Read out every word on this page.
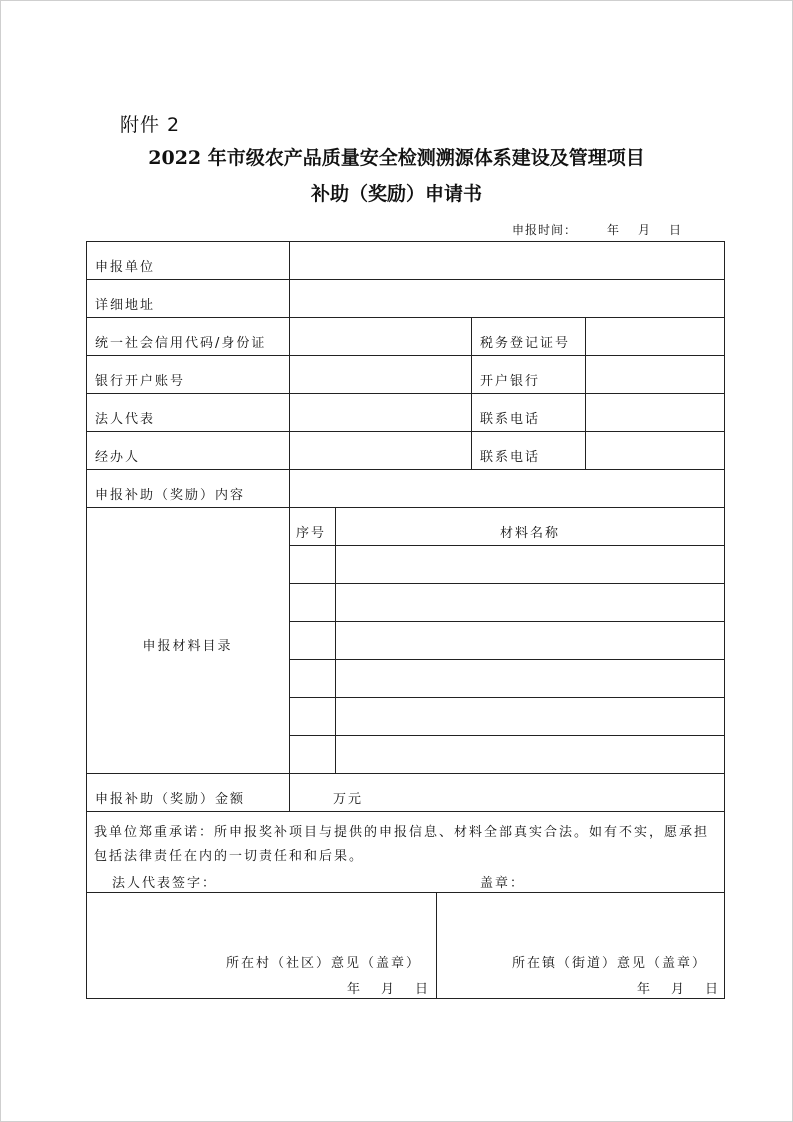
附件 2
2022 年市级农产品质量安全检测溯源体系建设及管理项目
补助（奖励）申请书
申报时间：	年 月 日
申报单位
详细地址
统一社会信用代码/身份证	税务登记证号
银行开户账号	开户银行
法人代表	联系电话
经办人	联系电话
申报补助（奖励）内容
序号	材料名称
申报材料目录
申报补助（奖励）金额	万元
我单位郑重承诺：所申报奖补项目与提供的申报信息、材料全部真实合法。如有不实，愿承担包括法律责任在内的一切责任和和后果。
法人代表签字：	盖章：
所在村（社区）意见（盖章）
年 月 日
所在镇（街道）意见（盖章）
年 月 日
